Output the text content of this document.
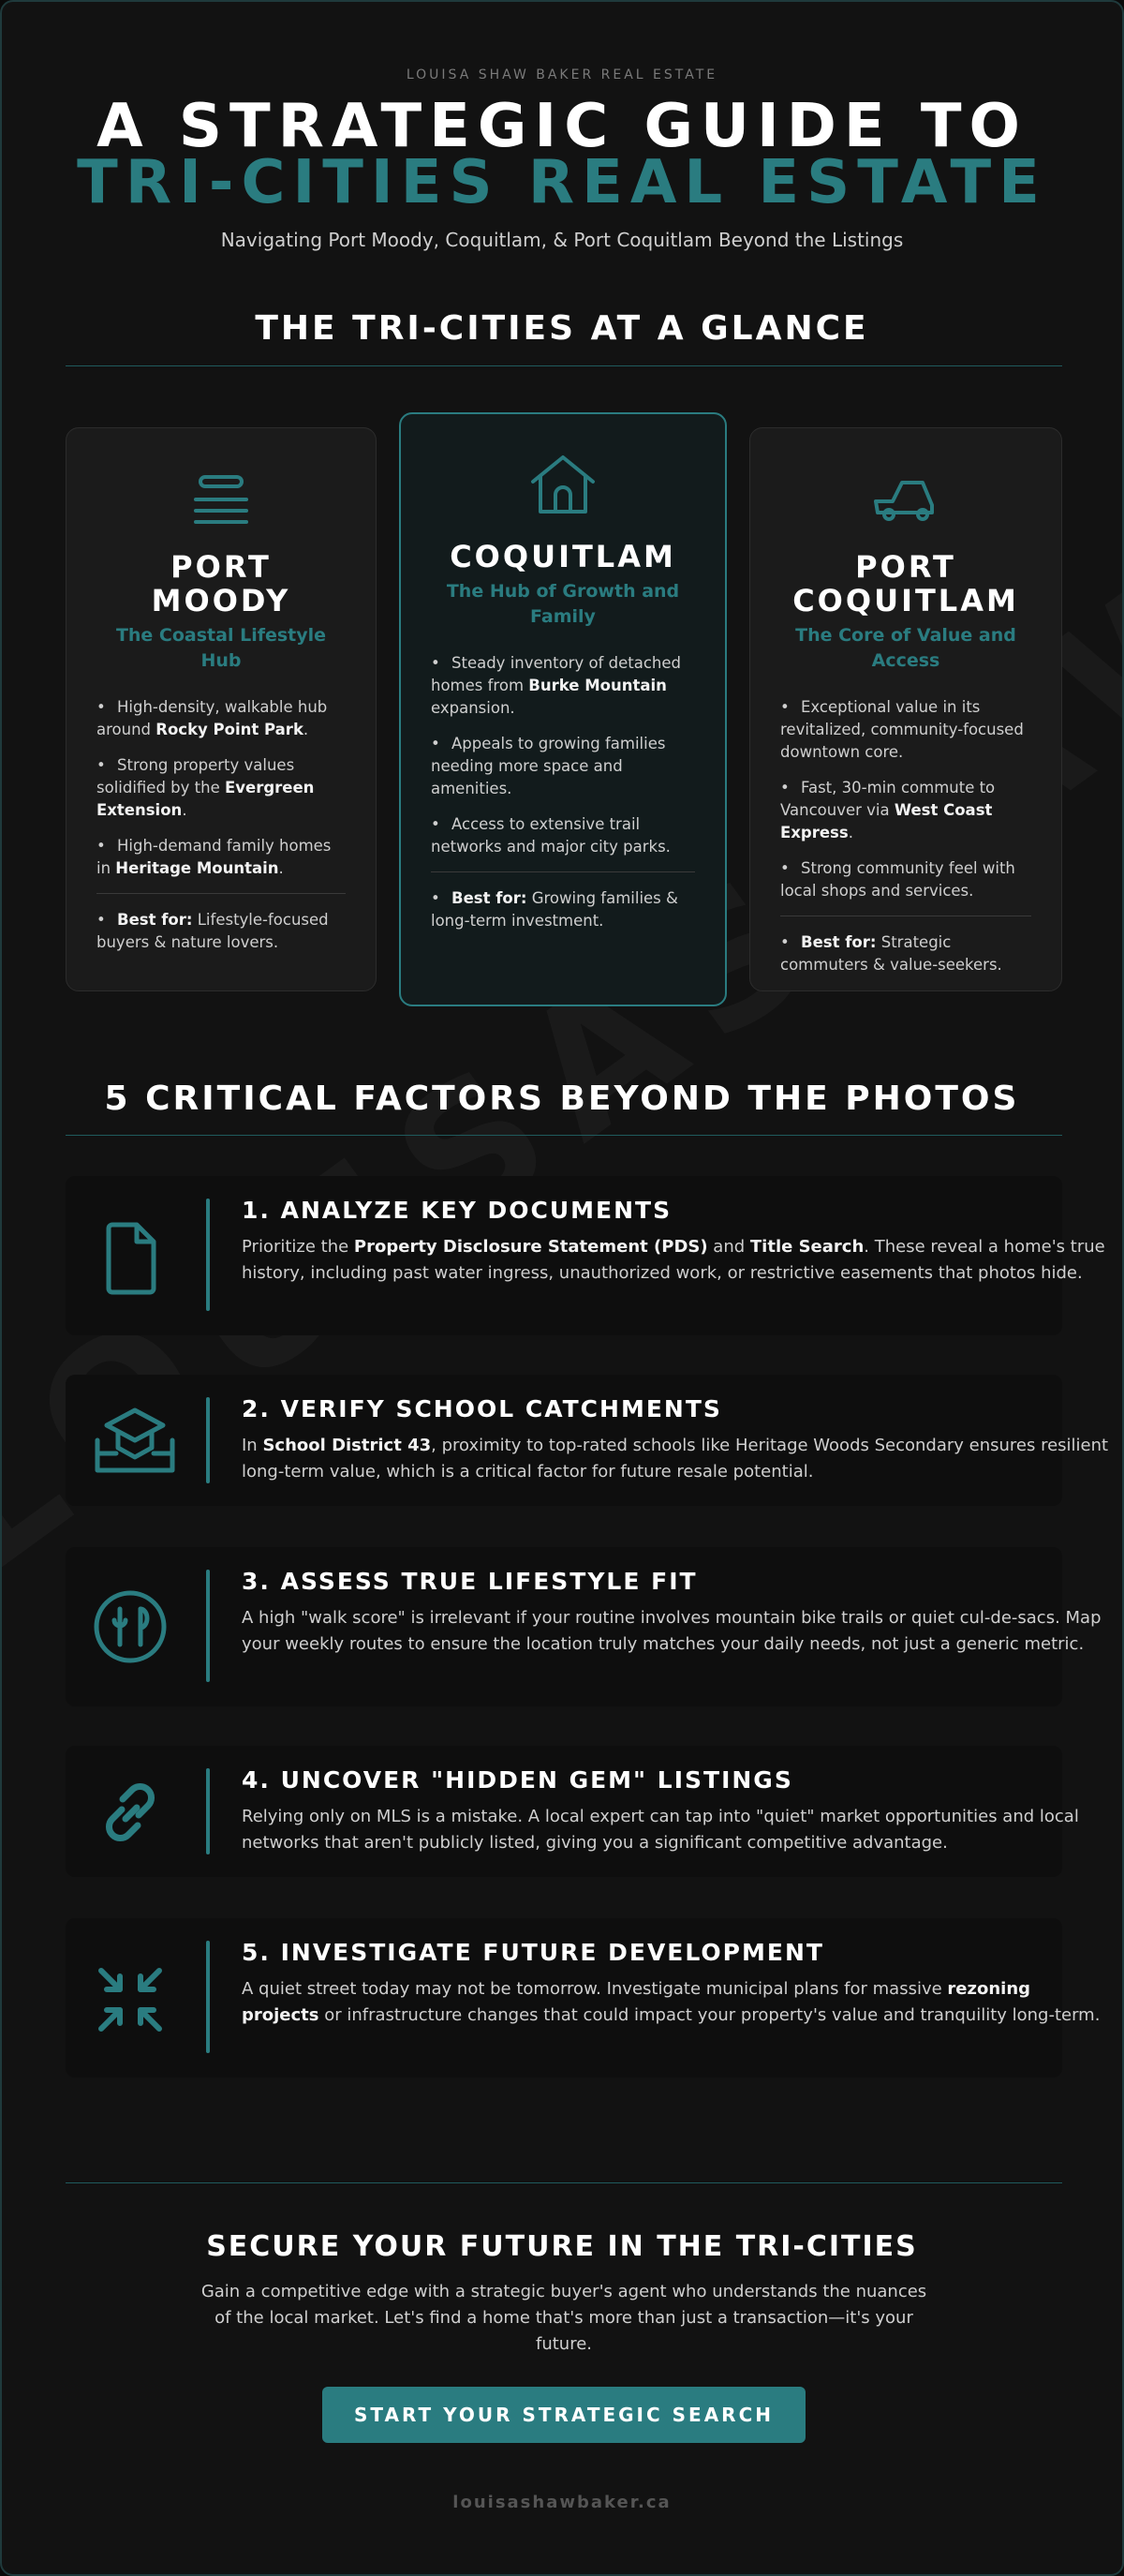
LOUISA SHAW BAKER REAL ESTATE
A STRATEGIC GUIDE TO
TRI-CITIES REAL ESTATE
Navigating Port Moody, Coquitlam, & Port Coquitlam Beyond the Listings
THE TRI-CITIES AT A GLANCE
PORT MOODY
The Coastal Lifestyle Hub
• High-density, walkable hub around Rocky Point Park.
• Strong property values solidified by the Evergreen Extension.
• High-demand family homes in Heritage Mountain.
• Best for: Lifestyle-focused buyers & nature lovers.
COQUITLAM
The Hub of Growth and Family
• Steady inventory of detached homes from Burke Mountain expansion.
• Appeals to growing families needing more space and amenities.
• Access to extensive trail networks and major city parks.
• Best for: Growing families & long-term investment.
PORT COQUITLAM
The Core of Value and Access
• Exceptional value in its revitalized, community-focused downtown core.
• Fast, 30-min commute to Vancouver via West Coast Express.
• Strong community feel with local shops and services.
• Best for: Strategic commuters & value-seekers.
5 CRITICAL FACTORS BEYOND THE PHOTOS
1. ANALYZE KEY DOCUMENTS

Prioritize the Property Disclosure Statement (PDS) and Title Search. These reveal a home's true history, including past water ingress, unauthorized work, or restrictive easements that photos hide.

2. VERIFY SCHOOL CATCHMENTS

In School District 43, proximity to top-rated schools like Heritage Woods Secondary ensures resilient long-term value, which is a critical factor for future resale potential.

3. ASSESS TRUE LIFESTYLE FIT

A high "walk score" is irrelevant if your routine involves mountain bike trails or quiet cul-de-sacs. Map your weekly routes to ensure the location truly matches your daily needs, not just a generic metric.

4. UNCOVER "HIDDEN GEM" LISTINGS

Relying only on MLS is a mistake. A local expert can tap into "quiet" market opportunities and local networks that aren't publicly listed, giving you a significant competitive advantage.

5. INVESTIGATE FUTURE DEVELOPMENT

A quiet street today may not be tomorrow. Investigate municipal plans for massive rezoning projects or infrastructure changes that could impact your property's value and tranquility long-term.

SECURE YOUR FUTURE IN THE TRI-CITIES
Gain a competitive edge with a strategic buyer's agent who understands the nuances of the local market. Let's find a home that's more than just a transaction—it's your future.
START YOUR STRATEGIC SEARCH
louisashawbaker.ca
